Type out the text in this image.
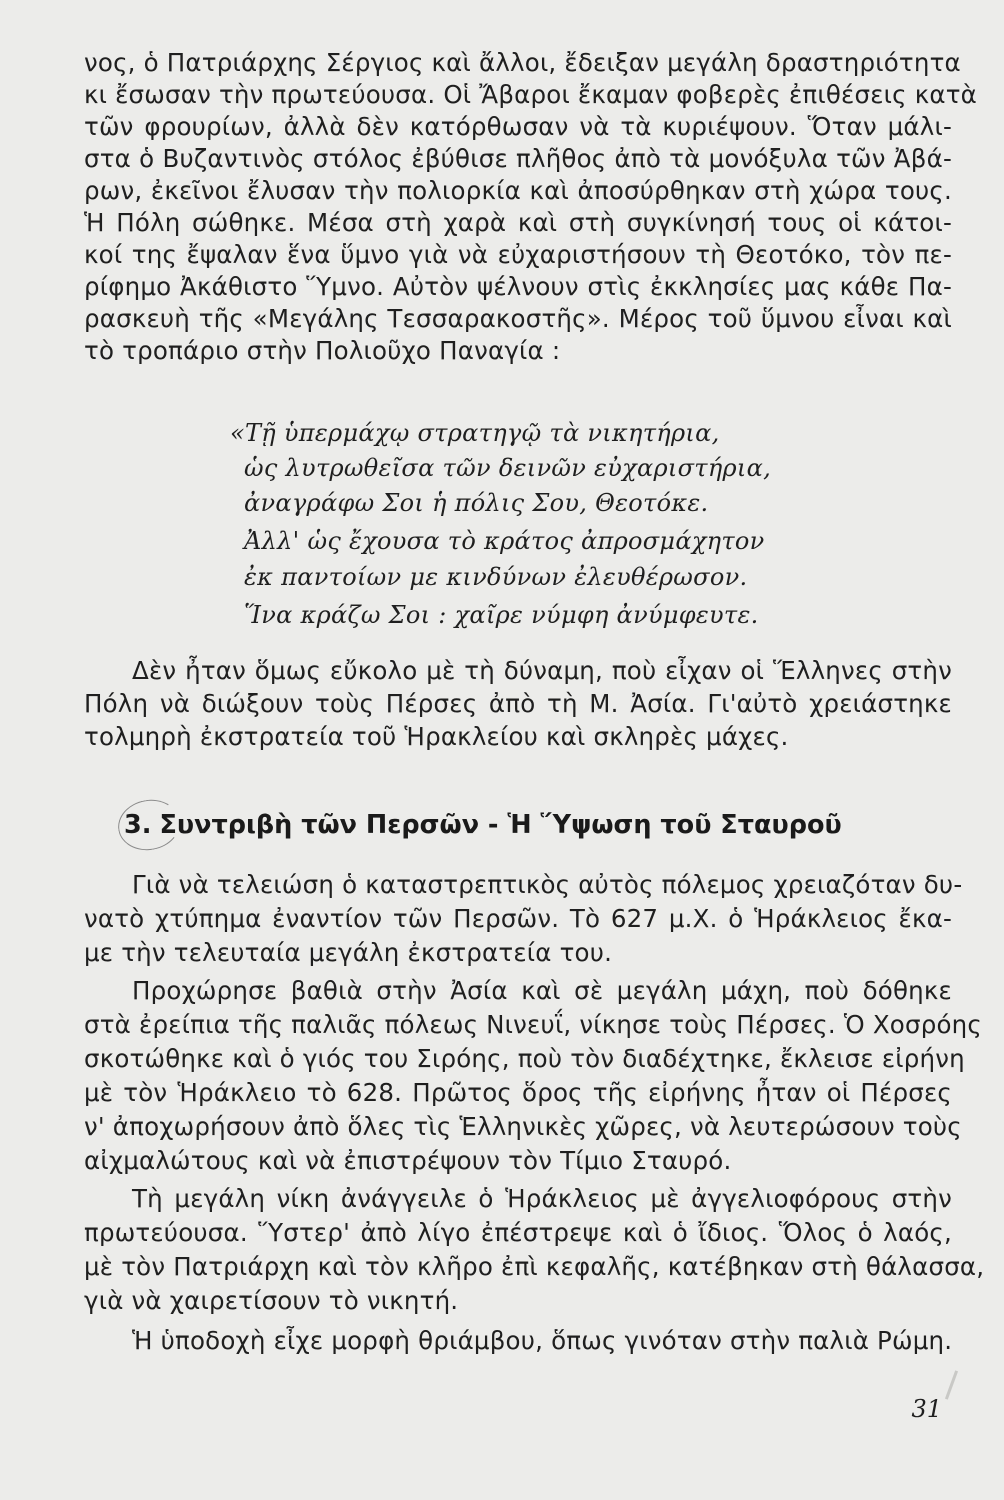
νος, ὁ Πατριάρχης Σέργιος καὶ ἄλλοι, ἔδειξαν μεγάλη δραστηριότητα
κι ἔσωσαν τὴν πρωτεύουσα. Οἱ Ἄβαροι ἔκαμαν φοβερὲς ἐπιθέσεις κατὰ
τῶν φρουρίων, ἀλλὰ δὲν κατόρθωσαν νὰ τὰ κυριέψουν. Ὅταν μάλι-
στα ὁ Βυζαντινὸς στόλος ἐβύθισε πλῆθος ἀπὸ τὰ μονόξυλα τῶν Ἀβά-
ρων, ἐκεῖνοι ἔλυσαν τὴν πολιορκία καὶ ἀποσύρθηκαν στὴ χώρα τους.
Ἡ Πόλη σώθηκε. Μέσα στὴ χαρὰ καὶ στὴ συγκίνησή τους οἱ κάτοι-
κοί της ἔψαλαν ἕνα ὕμνο γιὰ νὰ εὐχαριστήσουν τὴ Θεοτόκο, τὸν πε-
ρίφημο Ἀκάθιστο Ὕμνο. Αὐτὸν ψέλνουν στὶς ἐκκλησίες μας κάθε Πα-
ρασκευὴ τῆς «Μεγάλης Τεσσαρακοστῆς». Μέρος τοῦ ὕμνου εἶναι καὶ
τὸ τροπάριο στὴν Πολιοῦχο Παναγία :
«Τῇ ὑπερμάχῳ στρατηγῷ τὰ νικητήρια,
ὡς λυτρωθεῖσα τῶν δεινῶν εὐχαριστήρια,
ἀναγράφω Σοι ἡ πόλις Σου, Θεοτόκε.
Ἀλλ' ὡς ἔχουσα τὸ κράτος ἀπροσμάχητον
ἐκ παντοίων με κινδύνων ἐλευθέρωσον.
Ἵνα κράζω Σοι : χαῖρε νύμφη ἀνύμφευτε.
Δὲν ἦταν ὅμως εὔκολο μὲ τὴ δύναμη, ποὺ εἶχαν οἱ Ἕλληνες στὴν
Πόλη νὰ διώξουν τοὺς Πέρσες ἀπὸ τὴ Μ. Ἀσία. Γι'αὐτὸ χρειάστηκε
τολμηρὴ ἐκστρατεία τοῦ Ἡρακλείου καὶ σκληρὲς μάχες.
3. Συντριβὴ τῶν Περσῶν - Ἡ Ὕψωση τοῦ Σταυροῦ
Γιὰ νὰ τελειώση ὁ καταστρεπτικὸς αὐτὸς πόλεμος χρειαζόταν δυ-
νατὸ χτύπημα ἐναντίον τῶν Περσῶν. Τὸ 627 μ.Χ. ὁ Ἡράκλειος ἔκα-
με τὴν τελευταία μεγάλη ἐκστρατεία του.
Προχώρησε βαθιὰ στὴν Ἀσία καὶ σὲ μεγάλη μάχη, ποὺ δόθηκε
στὰ ἐρείπια τῆς παλιᾶς πόλεως Νινευΐ, νίκησε τοὺς Πέρσες. Ὁ Χοσρόης
σκοτώθηκε καὶ ὁ γιός του Σιρόης, ποὺ τὸν διαδέχτηκε, ἔκλεισε εἰρήνη
μὲ τὸν Ἡράκλειο τὸ 628. Πρῶτος ὅρος τῆς εἰρήνης ἦταν οἱ Πέρσες
ν' ἀποχωρήσουν ἀπὸ ὅλες τὶς Ἑλληνικὲς χῶρες, νὰ λευτερώσουν τοὺς
αἰχμαλώτους καὶ νὰ ἐπιστρέψουν τὸν Τίμιο Σταυρό.
Τὴ μεγάλη νίκη ἀνάγγειλε ὁ Ἡράκλειος μὲ ἀγγελιοφόρους στὴν
πρωτεύουσα. Ὕστερ' ἀπὸ λίγο ἐπέστρεψε καὶ ὁ ἴδιος. Ὅλος ὁ λαός,
μὲ τὸν Πατριάρχη καὶ τὸν κλῆρο ἐπὶ κεφαλῆς, κατέβηκαν στὴ θάλασσα,
γιὰ νὰ χαιρετίσουν τὸ νικητή.
Ἡ ὑποδοχὴ εἶχε μορφὴ θριάμβου, ὅπως γινόταν στὴν παλιὰ Ρώμη.
31
